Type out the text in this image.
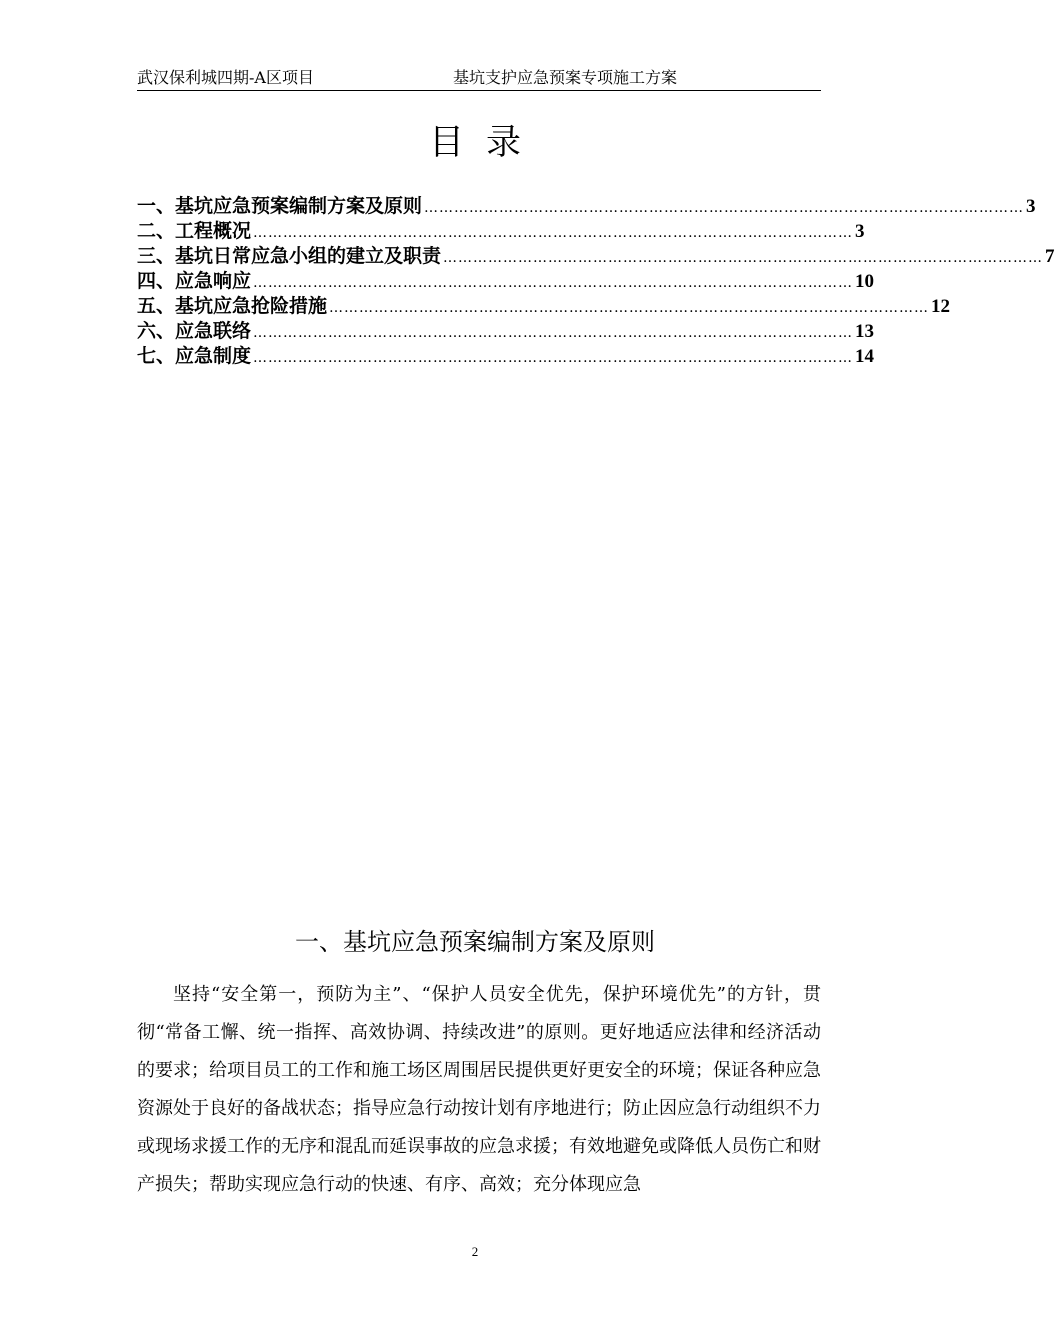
武汉保利城四期-A区项目	基坑支护应急预案专项施工方案
目录
一、基坑应急预案编制方案及原则 ………………………………………………………………………………………………………… 3
二、工程概况 ………………………………………………………………………………………………………… 3
三、基坑日常应急小组的建立及职责 ………………………………………………………………………………………………………… 7
四、应急响应 ………………………………………………………………………………………………………… 10
五、基坑应急抢险措施 ………………………………………………………………………………………………………… 12
六、应急联络 ………………………………………………………………………………………………………… 13
七、应急制度 ………………………………………………………………………………………………………… 14
一、基坑应急预案编制方案及原则
坚持“安全第一，预防为主”、“保护人员安全优先，保护环境优先”的方针，贯彻“常备工懈、统一指挥、高效协调、持续改进”的原则。更好地适应法律和经济活动的要求；给项目员工的工作和施工场区周围居民提供更好更安全的环境；保证各种应急资源处于良好的备战状态；指导应急行动按计划有序地进行；防止因应急行动组织不力或现场求援工作的无序和混乱而延误事故的应急求援；有效地避免或降低人员伤亡和财产损失；帮助实现应急行动的快速、有序、高效；充分体现应急
2
